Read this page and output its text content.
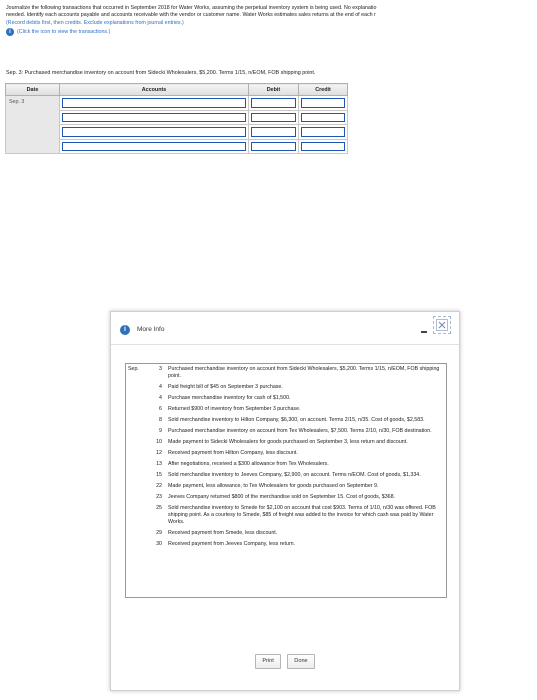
Journalize the following transactions that occurred in September 2018 for Water Works, assuming the perpetual inventory system is being used. No explanatio
needed. Identify each accounts payable and accounts receivable with the vendor or customer name. Water Works estimates sales returns at the end of each r
(Record debits first, then credits. Exclude explanations from journal entries.)
i	(Click the icon to view the transactions.)
Sep. 3: Purchased merchandise inventory on account from Sidecki Wholesalers, $5,200. Terms 1/15, n/EOM, FOB shipping point.
Date	Accounts	Debit	Credit
Sep. 3	

i	More Info
Sep.	3	Purchased merchandise inventory on account from Sidecki Wholesalers, $5,200. Terms 1/15, n/EOM, FOB shipping point.
	4	Paid freight bill of $45 on September 3 purchase.
	4	Purchase merchandise inventory for cash of $1,500.
	6	Returned $900 of inventory from September 3 purchase.
	8	Sold merchandise inventory to Hilton Company, $6,300, on account. Terms 2/15, n/35. Cost of goods, $2,583.
	9	Purchased merchandise inventory on account from Tex Wholesalers, $7,500. Terms 2/10, n/30, FOB destination.
	10	Made payment to Sidecki Wholesalers for goods purchased on September 3, less return and discount.
	12	Received payment from Hilton Company, less discount.
	13	After negotiations, received a $300 allowance from Tex Wholesalers.
	15	Sold merchandise inventory to Jeeves Company, $2,900, on account. Terms n/EOM. Cost of goods, $1,334.
	22	Made payment, less allowance, to Tex Wholesalers for goods purchased on September 9.
	23	Jeeves Company returned $800 of the merchandise sold on September 15. Cost of goods, $368.
	25	Sold merchandise inventory to Smede for $2,100 on account that cost $903. Terms of 1/10, n/30 was offered. FOB shipping point. As a courtesy to Smede, $85 of freight was added to the invoice for which cash was paid by Water Works.
	29	Received payment from Smede, less discount.
	30	Received payment from Jeeves Company, less return.
Print	Done
